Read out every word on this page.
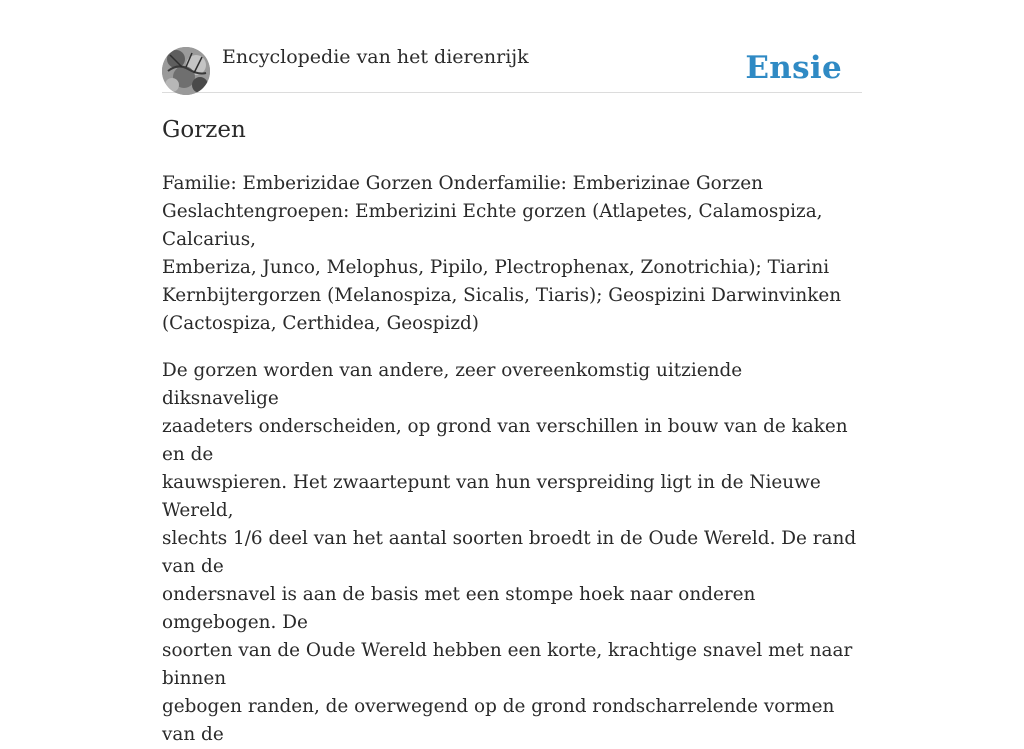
Encyclopedie van het dierenrijk	Ensie
Gorzen

Familie: Emberizidae Gorzen Onderfamilie: Emberizinae Gorzen
Geslachtengroepen: Emberizini Echte gorzen (Atlapetes, Calamospiza, Calcarius,
Emberiza, Junco, Melophus, Pipilo, Plectrophenax, Zonotrichia); Tiarini
Kernbijtergorzen (Melanospiza, Sicalis, Tiaris); Geospizini Darwinvinken
(Cactospiza, Certhidea, Geospizd)

De gorzen worden van andere, zeer overeenkomstig uitziende diksnavelige
zaadeters onderscheiden, op grond van verschillen in bouw van de kaken en de
kauwspieren. Het zwaartepunt van hun verspreiding ligt in de Nieuwe Wereld,
slechts 1/6 deel van het aantal soorten broedt in de Oude Wereld. De rand van de
ondersnavel is aan de basis met een stompe hoek naar onderen omgebogen. De
soorten van de Oude Wereld hebben een korte, krachtige snavel met naar binnen
gebogen randen, de overwegend op de grond rondscharrelende vormen van de
